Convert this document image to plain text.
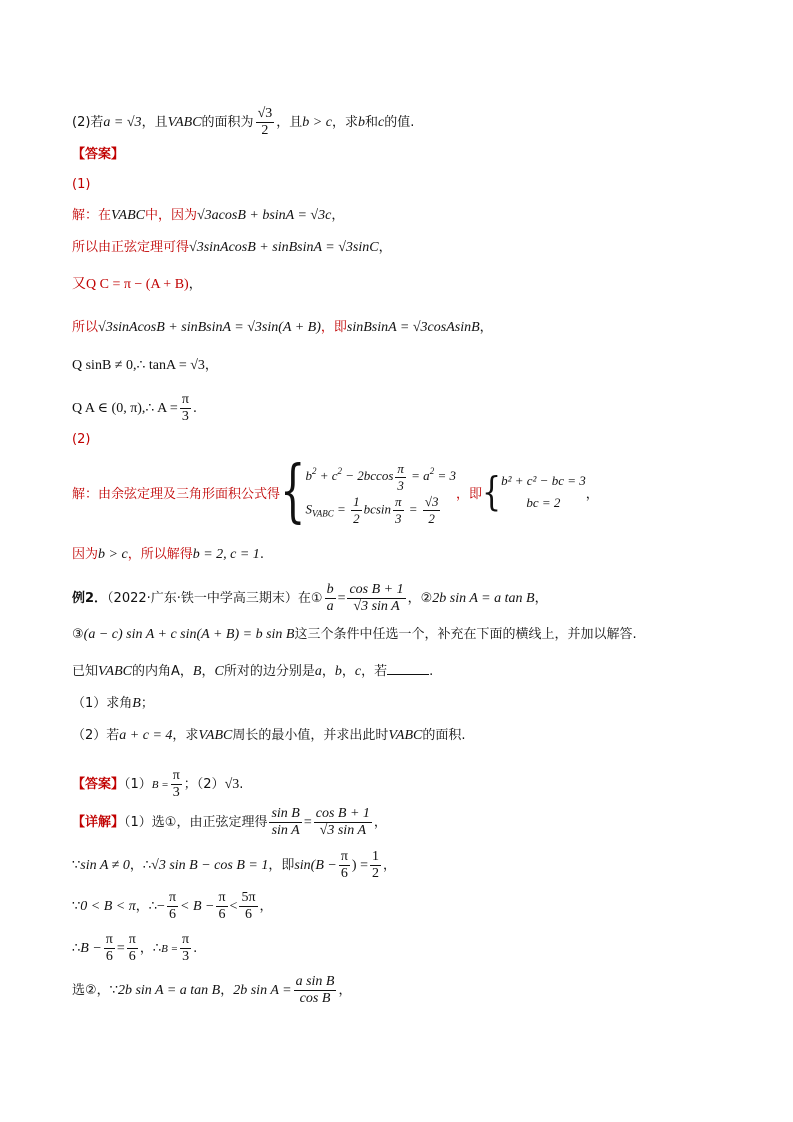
(2)若a = √3，且VABC的面积为 $\frac{√3}{2}$ ，且b > c，求b和c的值.
【答案】
(1)
解：在VABC中，因为√3acosB + bsinA = √3c，
所以由正弦定理可得√3sinAcosB + sinBsinA = √3sinC，
又Q C = π − (A + B)，
所以√3sinAcosB + sinBsinA = √3sin(A + B)，即sinBsinA = √3cosAsinB，
Q sinB ≠ 0,∴ tanA = √3，
Q A ∈ (0, π),∴ $A = \frac{\pi}{3}$ .
(2)
解：由余弦定理及三角形面积公式得{ $b^2 + c^2 - 2bccos \frac{\pi}{3} = a^2 = 3$
$S_{VABC} = \frac{1}{2}$ bcsin $\frac{\pi}{3} = \frac{√3}{2}$ ，即{ b² + c² − bc = 3
bc = 2
，
因为b > c，所以解得b = 2, c = 1.
例2．（2022·广东·铁一中学高三期末）在① $\frac{b}{a} = \frac{\text{cos B + 1}}{\text{√3 sin A}}$ ，②2b sin A = a tan B，
③(a − c) sin A + c sin(A + B) = b sin B这三个条件中任选一个，补充在下面的横线上，并加以解答.
已知VABC的内角A，B，C所对的边分别是a，b，c，若	.
（1）求角B；
（2）若a + c = 4，求VABC周长的最小值，并求出此时VABC的面积.
【答案】$(1)B = \frac{\pi}{3}$ ；（2）√3.
【详解】（1）选①，由正弦定理得 $\frac{\text{sin B}}{\text{sin A}} = \frac{\text{cos B + 1}}{\text{√3 sin A}}$ ，
∵sin A ≠ 0，∴√3 sin B − cos B = 1，即$\sin(B - \frac{\pi}{6}$ ) = $\frac{1}{2}$ ，
∵0 < B < π，∴− $\frac{\pi}{6} < B - \frac{\pi}{6} < \frac{5\pi}{6}$ ，
∴B − $\frac{\pi}{6} = \frac{\pi}{6}$ ，∴B = $\frac{\pi}{3}$ .
选②，∵2b sin A = a tan B，2b $\sin A = \frac{\text{a sin B}}{\text{cos B}}$ ，
